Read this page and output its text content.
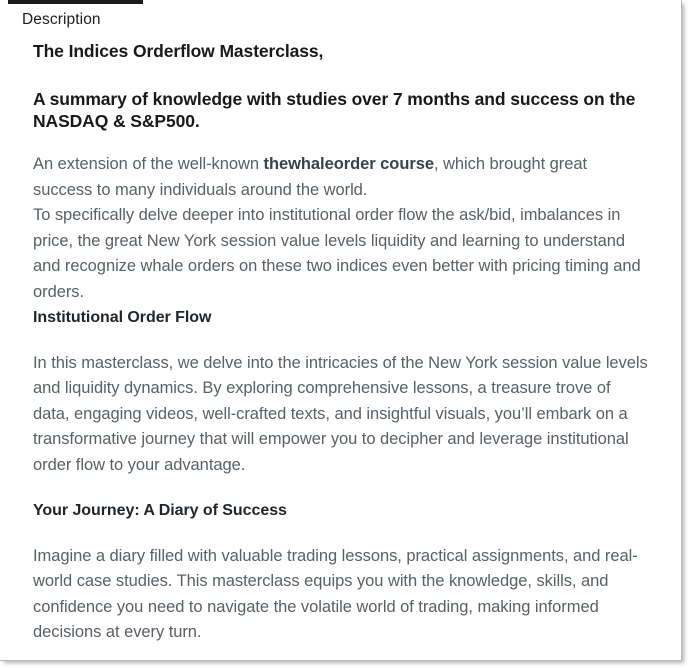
Description
The Indices Orderflow Masterclass,
A summary of knowledge with studies over 7 months and success on the NASDAQ & S&P500.

An extension of the well-known thewhaleorder course, which brought great success to many individuals around the world.

To specifically delve deeper into institutional order flow the ask/bid, imbalances in price, the great New York session value levels liquidity and learning to understand and recognize whale orders on these two indices even better with pricing timing and orders.

Institutional Order Flow

In this masterclass, we delve into the intricacies of the New York session value levels and liquidity dynamics. By exploring comprehensive lessons, a treasure trove of data, engaging videos, well-crafted texts, and insightful visuals, you’ll embark on a transformative journey that will empower you to decipher and leverage institutional order flow to your advantage.

Your Journey: A Diary of Success

Imagine a diary filled with valuable trading lessons, practical assignments, and real-world case studies. This masterclass equips you with the knowledge, skills, and confidence you need to navigate the volatile world of trading, making informed decisions at every turn.
